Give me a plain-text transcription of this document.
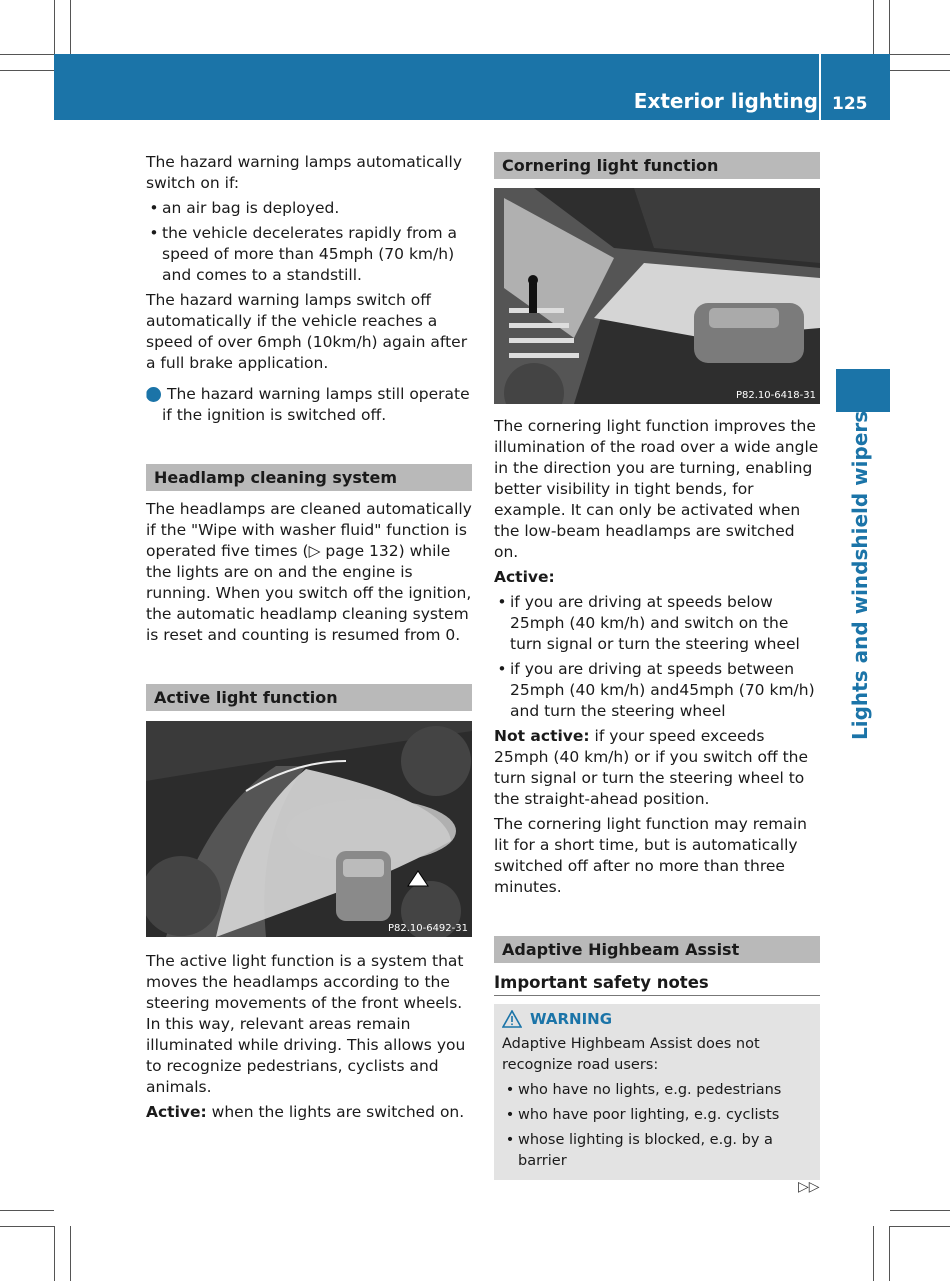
Exterior lighting 125
Lights and windshield wipers

The hazard warning lamps automatically switch on if:

• an air bag is deployed.
• the vehicle decelerates rapidly from a speed of more than 45mph (70 km/h) and comes to a standstill.

The hazard warning lamps switch off automatically if the vehicle reaches a speed of over 6mph (10km/h) again after a full brake application.

i The hazard warning lamps still operate if the ignition is switched off.
Headlamp cleaning system

The headlamps are cleaned automatically if the "Wipe with washer fluid" function is operated five times (▷ page 132) while the lights are on and the engine is running. When you switch off the ignition, the automatic headlamp cleaning system is reset and counting is resumed from 0.

Active light function
P82.10-6492-31

The active light function is a system that moves the headlamps according to the steering movements of the front wheels. In this way, relevant areas remain illuminated while driving. This allows you to recognize pedestrians, cyclists and animals.

Active: when the lights are switched on.

Cornering light function
P82.10-6418-31

The cornering light function improves the illumination of the road over a wide angle in the direction you are turning, enabling better visibility in tight bends, for example. It can only be activated when the low-beam headlamps are switched on.

Active:

• if you are driving at speeds below 25mph (40 km/h) and switch on the turn signal or turn the steering wheel
• if you are driving at speeds between 25mph (40 km/h) and45mph (70 km/h) and turn the steering wheel

Not active: if your speed exceeds 25mph (40 km/h) or if you switch off the turn signal or turn the steering wheel to the straight-ahead position.

The cornering light function may remain lit for a short time, but is automatically switched off after no more than three minutes.

Adaptive Highbeam Assist
Important safety notes
WARNING

Adaptive Highbeam Assist does not recognize road users:

• who have no lights, e.g. pedestrians
• who have poor lighting, e.g. cyclists
• whose lighting is blocked, e.g. by a barrier
▷▷
